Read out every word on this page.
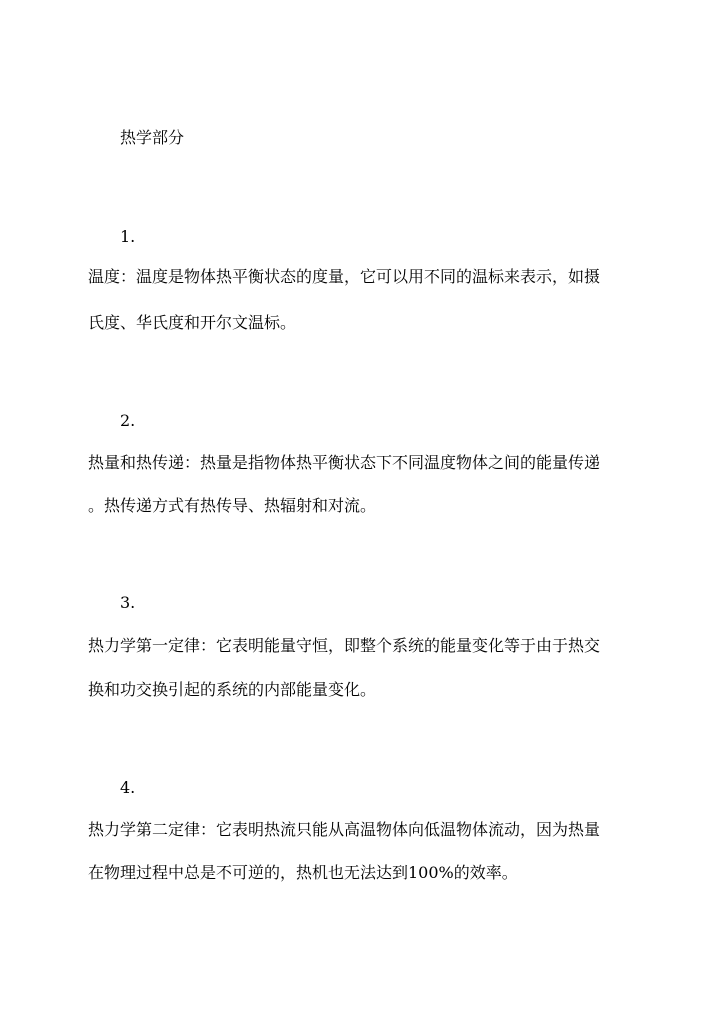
热学部分

1.

温度：温度是物体热平衡状态的度量，它可以用不同的温标来表示，如摄

氏度、华氏度和开尔文温标。

2.

热量和热传递：热量是指物体热平衡状态下不同温度物体之间的能量传递

。热传递方式有热传导、热辐射和对流。

3.

热力学第一定律：它表明能量守恒，即整个系统的能量变化等于由于热交

换和功交换引起的系统的内部能量变化。

4.

热力学第二定律：它表明热流只能从高温物体向低温物体流动，因为热量

在物理过程中总是不可逆的，热机也无法达到100%的效率。
